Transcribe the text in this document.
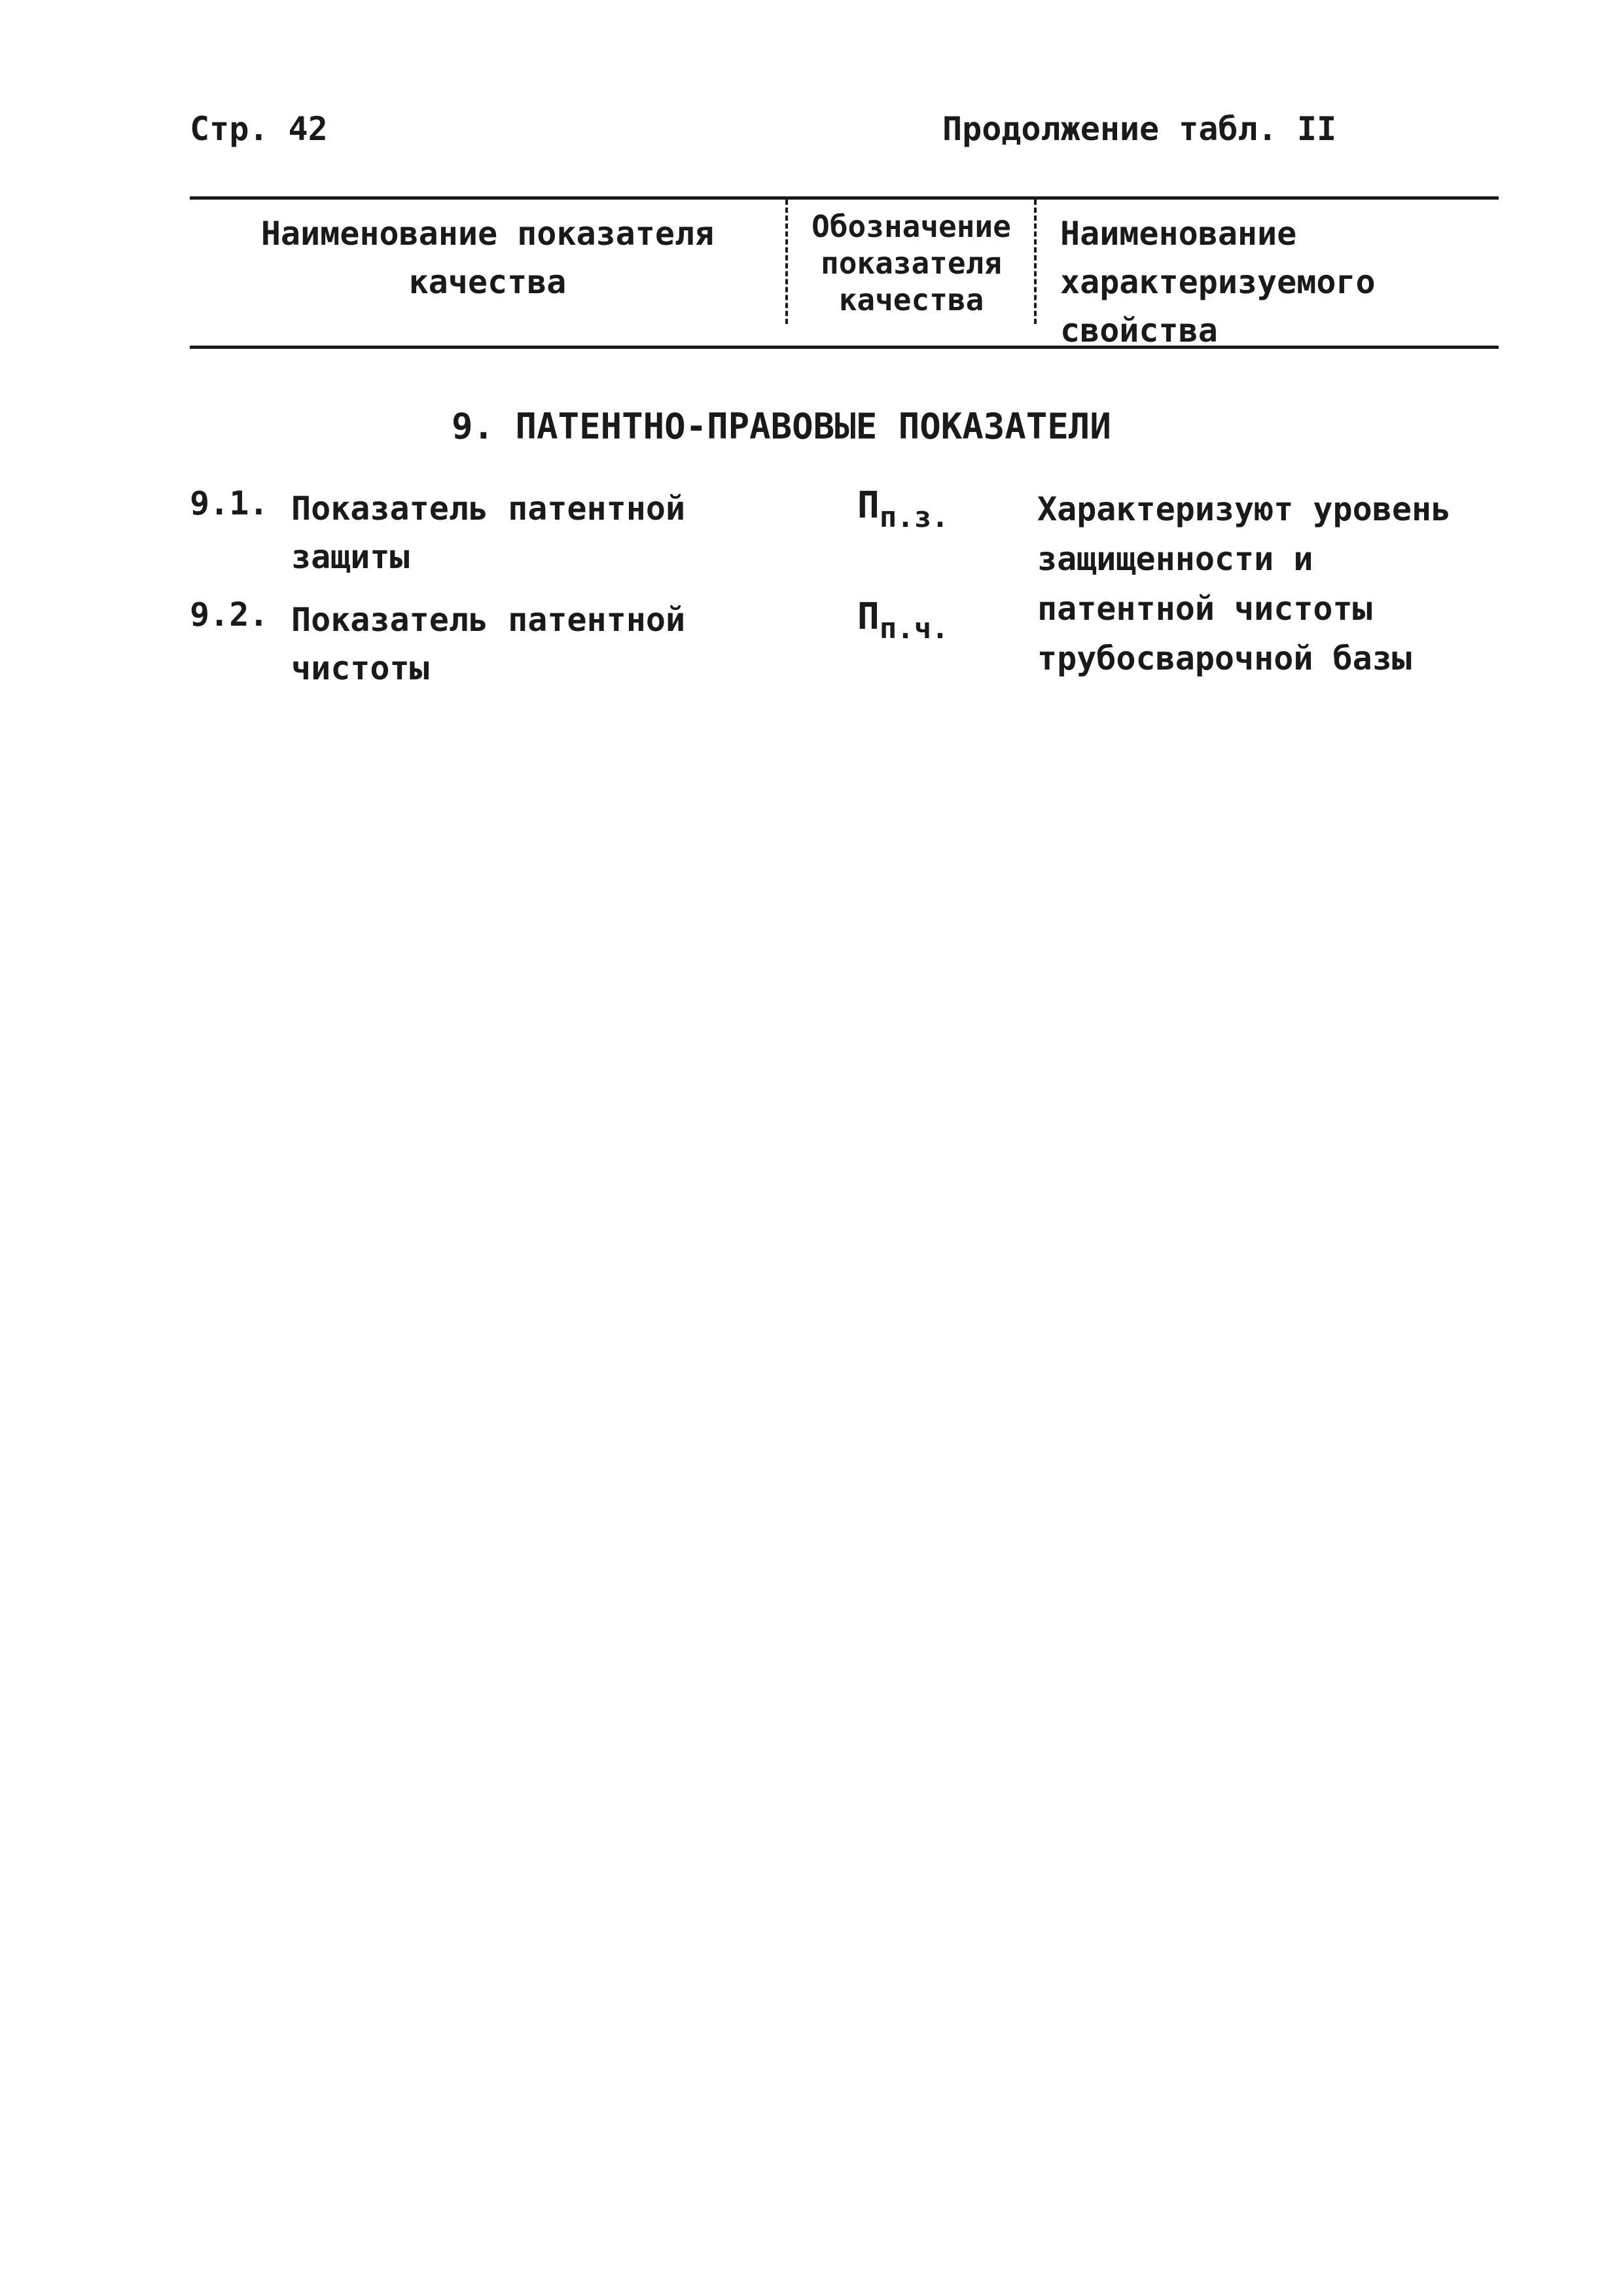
Стр. 42	Продолжение табл. II
Наименование показателя качества
Обозначение показателя качества
Наименование характеризуемого свойства
9. ПАТЕНТНО-ПРАВОВЫЕ ПОКАЗАТЕЛИ
9.1. Показатель патентной защиты
$П_{п.з.}$
9.2. Показатель патентной чистоты
$П_{п.ч.}$
Характеризуют уровень защищенности и патентной чистоты трубосварочной базы
